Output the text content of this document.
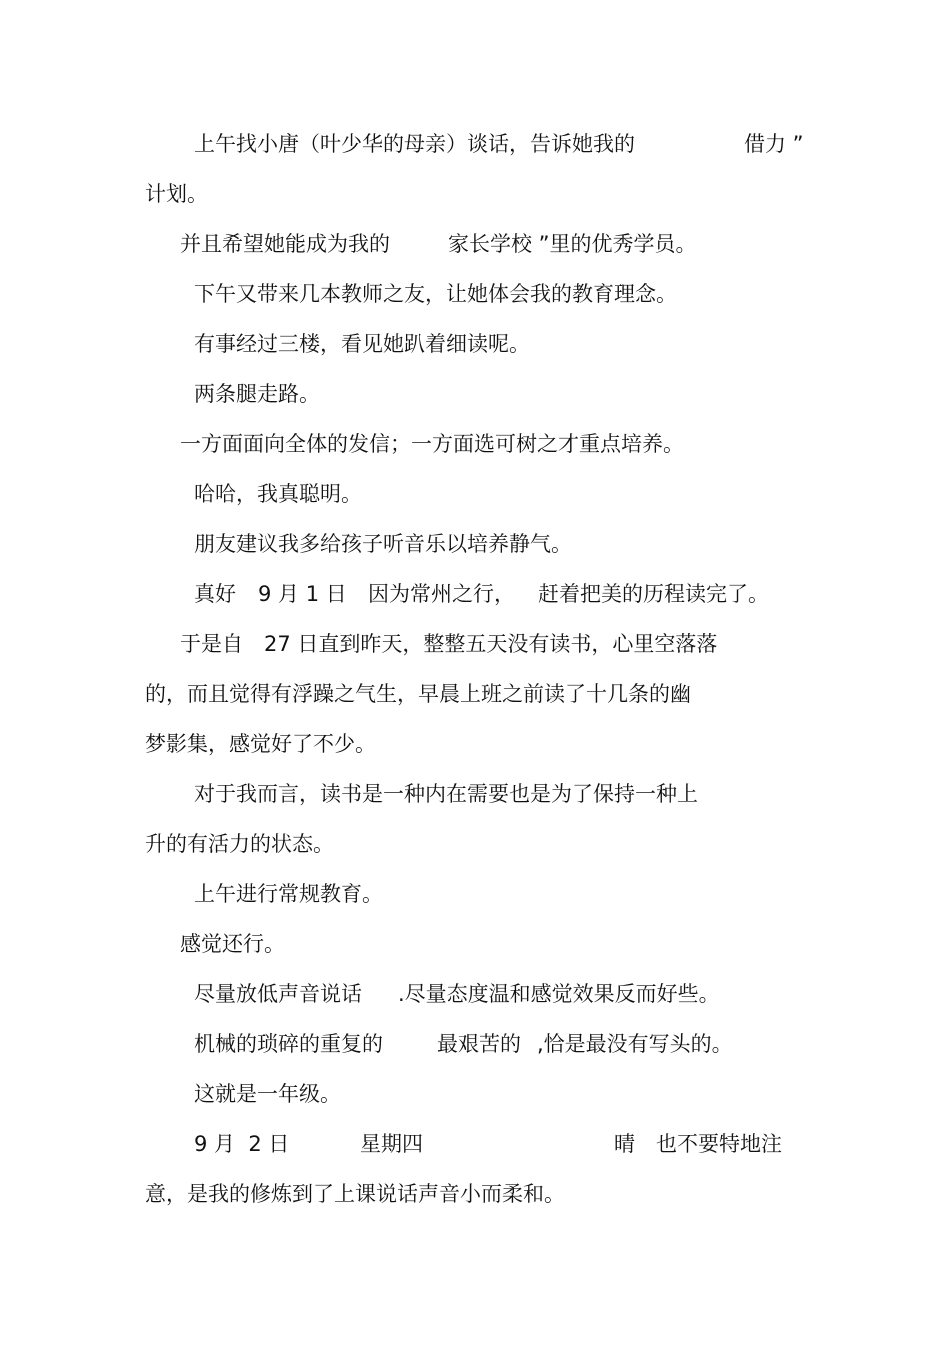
上午找小唐（叶少华的母亲）谈话，告诉她我的	借力 ”
计划。
并且希望她能成为我的	家长学校 ”里的优秀学员。
下午又带来几本教师之友，让她体会我的教育理念。
有事经过三楼，看见她趴着细读呢。
两条腿走路。
一方面面向全体的发信；一方面选可树之才重点培养。
哈哈，我真聪明。
朋友建议我多给孩子听音乐以培养静气。
真好 9 月 1 日 因为常州之行， 赶着把美的历程读完了。
于是自 27 日直到昨天，整整五天没有读书，心里空落落
的，而且觉得有浮躁之气生，早晨上班之前读了十几条的幽
梦影集，感觉好了不少。
对于我而言，读书是一种内在需要也是为了保持一种上
升的有活力的状态。
上午进行常规教育。
感觉还行。
尽量放低声音说话 .尽量态度温和感觉效果反而好些。
机械的琐碎的重复的	最艰苦的 ,恰是最没有写头的。
这就是一年级。
9 月  2 日	星期四	晴 也不要特地注
意，是我的修炼到了上课说话声音小而柔和。
